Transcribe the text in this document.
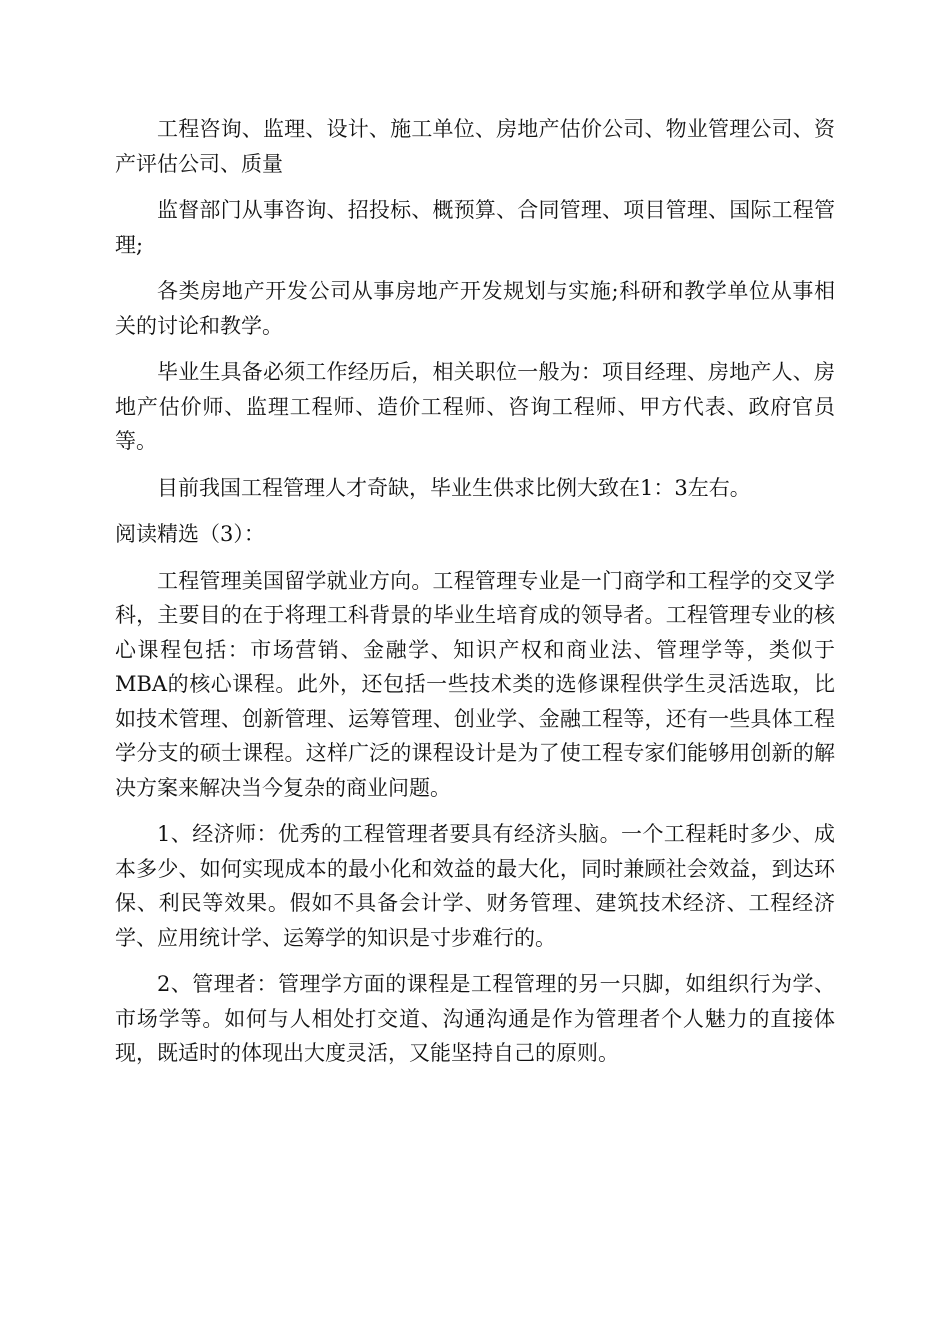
工程咨询、监理、设计、施工单位、房地产估价公司、物业管理公司、资产评估公司、质量

监督部门从事咨询、招投标、概预算、合同管理、项目管理、国际工程管理;

各类房地产开发公司从事房地产开发规划与实施;科研和教学单位从事相关的讨论和教学。

毕业生具备必须工作经历后，相关职位一般为：项目经理、房地产人、房地产估价师、监理工程师、造价工程师、咨询工程师、甲方代表、政府官员等。

目前我国工程管理人才奇缺，毕业生供求比例大致在1：3左右。

阅读精选（3）：

工程管理美国留学就业方向。工程管理专业是一门商学和工程学的交叉学科，主要目的在于将理工科背景的毕业生培育成的领导者。工程管理专业的核心课程包括：市场营销、金融学、知识产权和商业法、管理学等，类似于MBA的核心课程。此外，还包括一些技术类的选修课程供学生灵活选取，比如技术管理、创新管理、运筹管理、创业学、金融工程等，还有一些具体工程学分支的硕士课程。这样广泛的课程设计是为了使工程专家们能够用创新的解决方案来解决当今复杂的商业问题。

1、经济师：优秀的工程管理者要具有经济头脑。一个工程耗时多少、成本多少、如何实现成本的最小化和效益的最大化，同时兼顾社会效益，到达环保、利民等效果。假如不具备会计学、财务管理、建筑技术经济、工程经济学、应用统计学、运筹学的知识是寸步难行的。

2、管理者：管理学方面的课程是工程管理的另一只脚，如组织行为学、市场学等。如何与人相处打交道、沟通沟通是作为管理者个人魅力的直接体现，既适时的体现出大度灵活，又能坚持自己的原则。
